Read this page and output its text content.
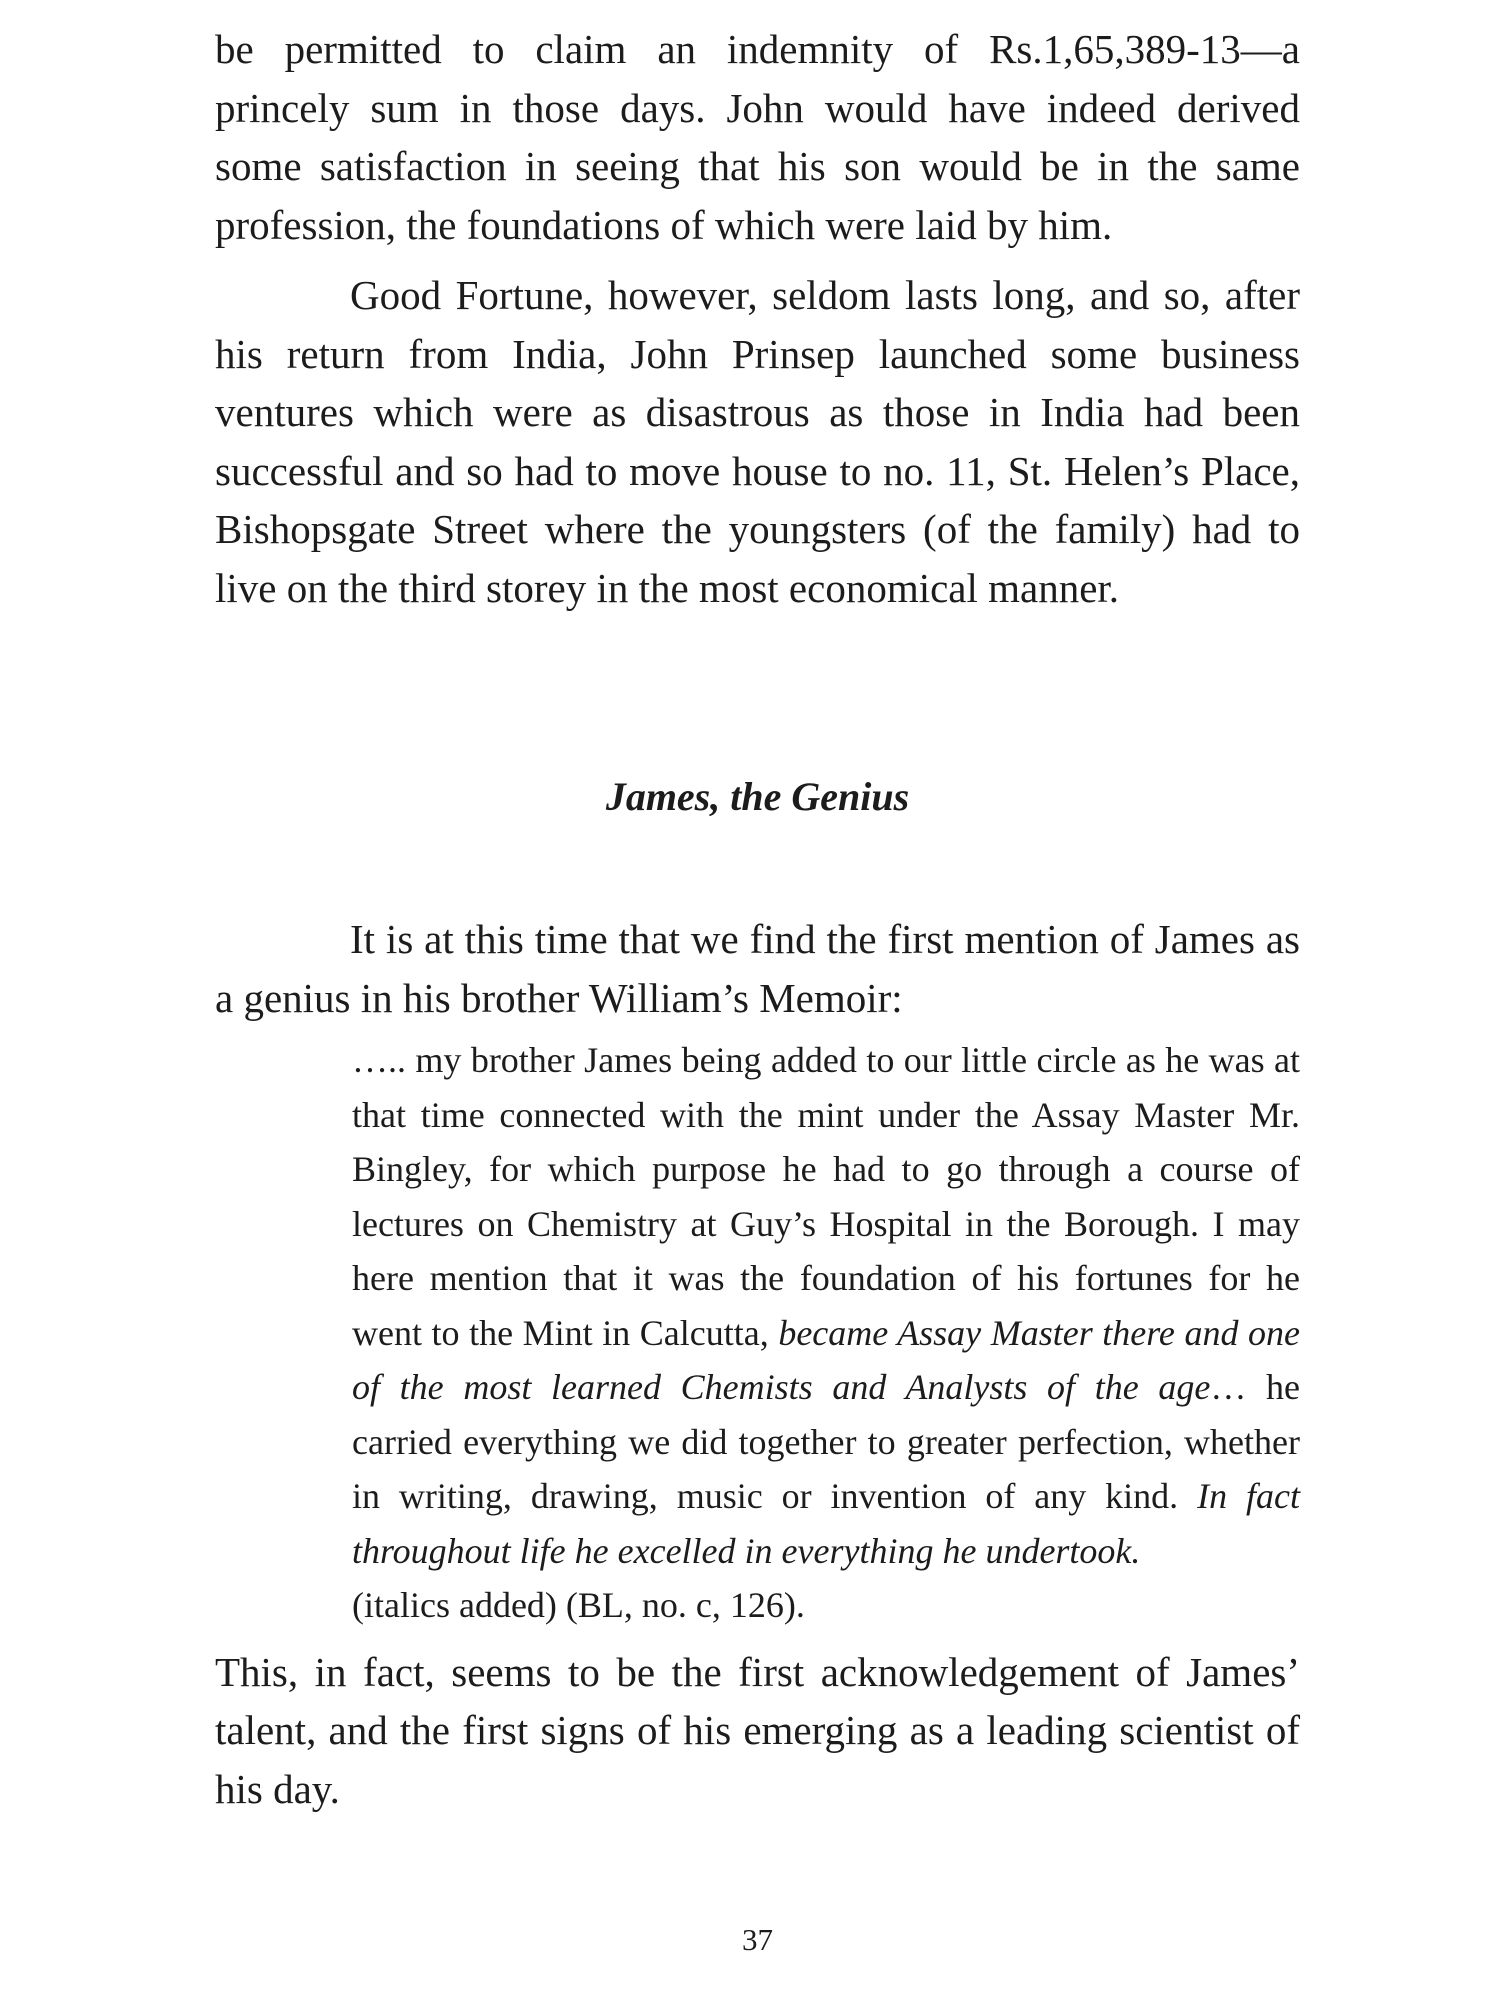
be permitted to claim an indemnity of Rs.1,65,389-13—a princely sum in those days. John would have indeed derived some satisfaction in seeing that his son would be in the same profession, the foundations of which were laid by him.

Good Fortune, however, seldom lasts long, and so, after his return from India, John Prinsep launched some business ventures which were as disastrous as those in India had been successful and so had to move house to no. 11, St. Helen’s Place, Bishopsgate Street where the youngsters (of the family) had to live on the third storey in the most economical manner.

James, the Genius

It is at this time that we find the first mention of James as a genius in his brother William’s Memoir:

….. my brother James being added to our little circle as he was at that time connected with the mint under the Assay Master Mr. Bingley, for which purpose he had to go through a course of lectures on Chemistry at Guy’s Hospital in the Borough. I may here mention that it was the foundation of his fortunes for he went to the Mint in Calcutta, became Assay Master there and one of the most learned Chemists and Analysts of the age… he carried everything we did together to greater perfection, whether in writing, drawing, music or invention of any kind. In fact throughout life he excelled in everything he undertook.
(italics added) (BL, no. c, 126).

This, in fact, seems to be the first acknowledgement of James’ talent, and the first signs of his emerging as a leading scientist of his day.

37
